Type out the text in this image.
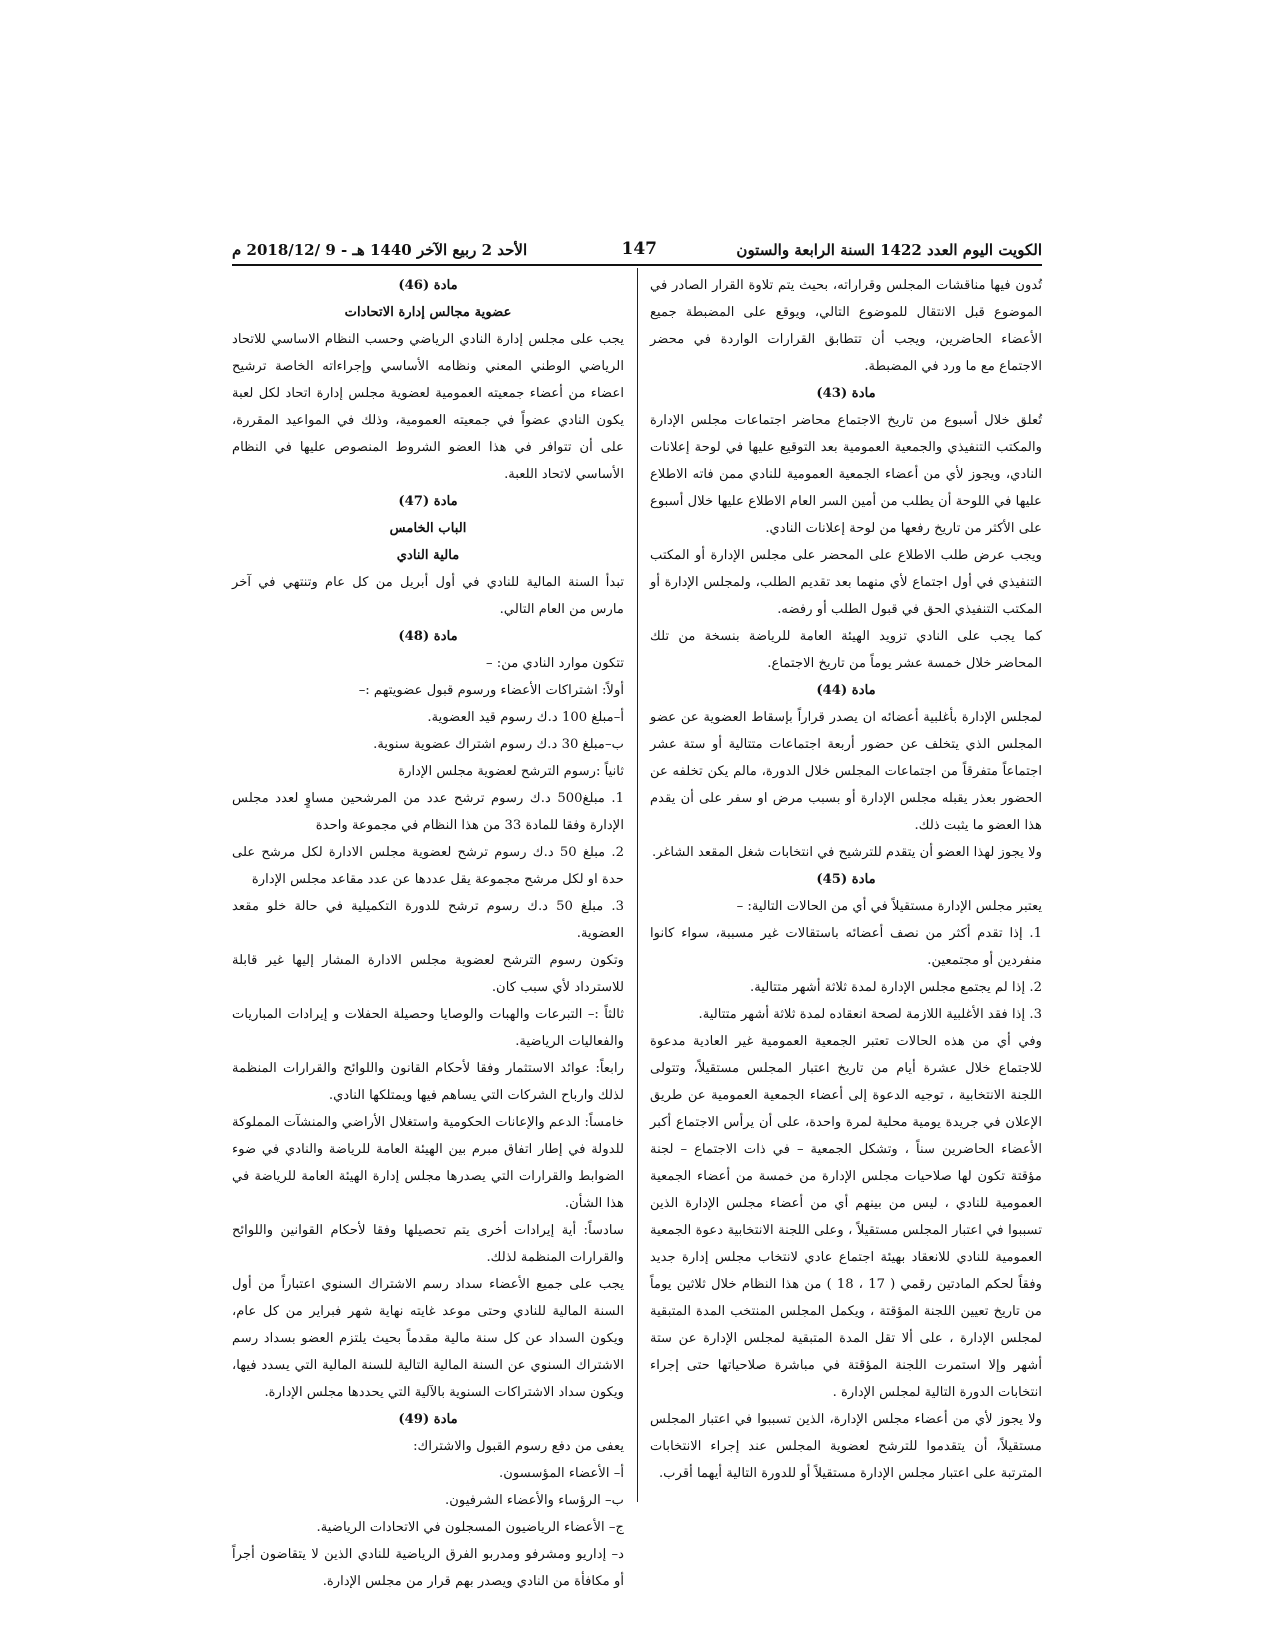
الكويت اليوم العدد 1422 السنة الرابعة والستون
147
الأحد 2 ربيع الآخر 1440 هـ - 9 /2018/12 م

تُدون فيها مناقشات المجلس وقراراته، بحيث يتم تلاوة القرار الصادر في الموضوع قبل الانتقال للموضوع التالي، ويوقع على المضبطة جميع الأعضاء الحاضرين، ويجب أن تتطابق القرارات الواردة في محضر الاجتماع مع ما ورد في المضبطة.

مادة (43)

تُعلق خلال أسبوع من تاريخ الاجتماع محاضر اجتماعات مجلس الإدارة والمكتب التنفيذي والجمعية العمومية بعد التوقيع عليها في لوحة إعلانات النادي، ويجوز لأي من أعضاء الجمعية العمومية للنادي ممن فاته الاطلاع عليها في اللوحة أن يطلب من أمين السر العام الاطلاع عليها خلال أسبوع على الأكثر من تاريخ رفعها من لوحة إعلانات النادي.

ويجب عرض طلب الاطلاع على المحضر على مجلس الإدارة أو المكتب التنفيذي في أول اجتماع لأي منهما بعد تقديم الطلب، ولمجلس الإدارة أو المكتب التنفيذي الحق في قبول الطلب أو رفضه.

كما يجب على النادي تزويد الهيئة العامة للرياضة بنسخة من تلك المحاضر خلال خمسة عشر يوماً من تاريخ الاجتماع.

مادة (44)

لمجلس الإدارة بأغلبية أعضائه ان يصدر قراراً بإسقاط العضوية عن عضو المجلس الذي يتخلف عن حضور أربعة اجتماعات متتالية أو ستة عشر اجتماعاً متفرقاً من اجتماعات المجلس خلال الدورة، مالم يكن تخلفه عن الحضور بعذر يقبله مجلس الإدارة أو بسبب مرض او سفر على أن يقدم هذا العضو ما يثبت ذلك.

ولا يجوز لهذا العضو أن يتقدم للترشيح في انتخابات شغل المقعد الشاغر.

مادة (45)

يعتبر مجلس الإدارة مستقيلاً في أي من الحالات التالية: –

1. إذا تقدم أكثر من نصف أعضائه باستقالات غير مسببة، سواء كانوا منفردين أو مجتمعين.

2. إذا لم يجتمع مجلس الإدارة لمدة ثلاثة أشهر متتالية.

3. إذا فقد الأغلبية اللازمة لصحة انعقاده لمدة ثلاثة أشهر متتالية.

وفي أي من هذه الحالات تعتبر الجمعية العمومية غير العادية مدعوة للاجتماع خلال عشرة أيام من تاريخ اعتبار المجلس مستقيلاً، وتتولى اللجنة الانتخابية ، توجيه الدعوة إلى أعضاء الجمعية العمومية عن طريق الإعلان في جريدة يومية محلية لمرة واحدة، على أن يرأس الاجتماع أكبر الأعضاء الحاضرين سناً ، وتشكل الجمعية – في ذات الاجتماع – لجنة مؤقتة تكون لها صلاحيات مجلس الإدارة من خمسة من أعضاء الجمعية العمومية للنادي ، ليس من بينهم أي من أعضاء مجلس الإدارة الذين تسببوا في اعتبار المجلس مستقيلاً ، وعلى اللجنة الانتخابية دعوة الجمعية العمومية للنادي للانعقاد بهيئة اجتماع عادي لانتخاب مجلس إدارة جديد وفقاً لحكم المادتين رقمي ( 17 ، 18 ) من هذا النظام خلال ثلاثين يوماً من تاريخ تعيين اللجنة المؤقتة ، ويكمل المجلس المنتخب المدة المتبقية لمجلس الإدارة ، على ألا تقل المدة المتبقية لمجلس الإدارة عن ستة أشهر وإلا استمرت اللجنة المؤقتة في مباشرة صلاحياتها حتى إجراء انتخابات الدورة التالية لمجلس الإدارة .

ولا يجوز لأي من أعضاء مجلس الإدارة، الذين تسببوا في اعتبار المجلس مستقيلاً، أن يتقدموا للترشح لعضوية المجلس عند إجراء الانتخابات المترتبة على اعتبار مجلس الإدارة مستقيلاً أو للدورة التالية أيهما أقرب.

مادة (46)

عضوية مجالس إدارة الاتحادات

يجب على مجلس إدارة النادي الرياضي وحسب النظام الاساسي للاتحاد الرياضي الوطني المعني ونظامه الأساسي وإجراءاته الخاصة ترشيح اعضاء من أعضاء جمعيته العمومية لعضوية مجلس إدارة اتحاد لكل لعبة يكون النادي عضواً في جمعيته العمومية، وذلك في المواعيد المقررة، على أن تتوافر في هذا العضو الشروط المنصوص عليها في النظام الأساسي لاتحاد اللعبة.

مادة (47)

الباب الخامس

مالية النادي

تبدأ السنة المالية للنادي في أول أبريل من كل عام وتنتهي في آخر مارس من العام التالي.

مادة (48)

تتكون موارد النادي من: –

أولاً: اشتراكات الأعضاء ورسوم قبول عضويتهم :–

أ–مبلغ 100 د.ك رسوم قيد العضوية.

ب–مبلغ 30 د.ك رسوم اشتراك عضوية سنوية.

ثانياً :رسوم الترشح لعضوية مجلس الإدارة

1. مبلغ500 د.ك رسوم ترشح عدد من المرشحين مساوٍ لعدد مجلس الإدارة وفقا للمادة 33 من هذا النظام في مجموعة واحدة

2. مبلغ 50 د.ك رسوم ترشح لعضوية مجلس الادارة لكل مرشح على حدة او لكل مرشح مجموعة يقل عددها عن عدد مقاعد مجلس الإدارة

3. مبلغ 50 د.ك رسوم ترشح للدورة التكميلية في حالة خلو مقعد العضوية.

وتكون رسوم الترشح لعضوية مجلس الادارة المشار إليها غير قابلة للاسترداد لأي سبب كان.

ثالثاً :– التبرعات والهبات والوصايا وحصيلة الحفلات و إيرادات المباريات والفعاليات الرياضية.

رابعاً: عوائد الاستثمار وفقا لأحكام القانون واللوائح والقرارات المنظمة لذلك وارباح الشركات التي يساهم فيها ويمتلكها النادي.

خامساً: الدعم والإعانات الحكومية واستغلال الأراضي والمنشآت المملوكة للدولة في إطار اتفاق مبرم بين الهيئة العامة للرياضة والنادي في ضوء الضوابط والقرارات التي يصدرها مجلس إدارة الهيئة العامة للرياضة في هذا الشأن.

سادساً: أية إيرادات أخرى يتم تحصيلها وفقا لأحكام القوانين واللوائح والقرارات المنظمة لذلك.

يجب على جميع الأعضاء سداد رسم الاشتراك السنوي اعتباراً من أول السنة المالية للنادي وحتى موعد غايته نهاية شهر فبراير من كل عام، ويكون السداد عن كل سنة مالية مقدماً بحيث يلتزم العضو بسداد رسم الاشتراك السنوي عن السنة المالية التالية للسنة المالية التي يسدد فيها، ويكون سداد الاشتراكات السنوية بالآلية التي يحددها مجلس الإدارة.

مادة (49)

يعفى من دفع رسوم القبول والاشتراك:

أ– الأعضاء المؤسسون.

ب– الرؤساء والأعضاء الشرفيون.

ج– الأعضاء الرياضيون المسجلون في الاتحادات الرياضية.

د– إداريو ومشرفو ومدربو الفرق الرياضية للنادي الذين لا يتقاضون أجراً أو مكافأة من النادي ويصدر بهم قرار من مجلس الإدارة.
